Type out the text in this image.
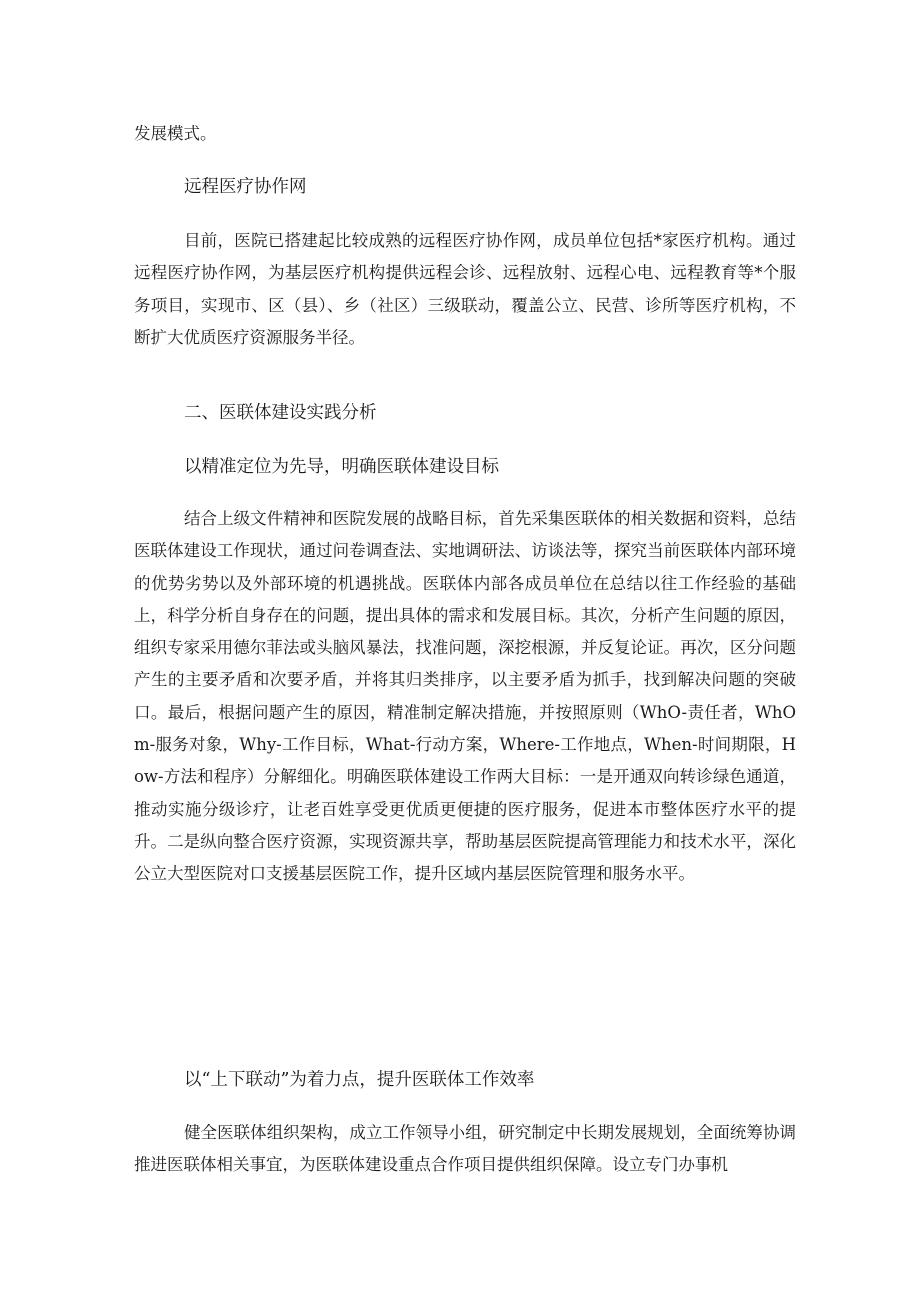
发展模式。

远程医疗协作网

目前，医院已搭建起比较成熟的远程医疗协作网，成员单位包括*家医疗机构。通过远程医疗协作网，为基层医疗机构提供远程会诊、远程放射、远程心电、远程教育等*个服务项目，实现市、区（县）、乡（社区）三级联动，覆盖公立、民营、诊所等医疗机构，不断扩大优质医疗资源服务半径。

二、医联体建设实践分析

以精准定位为先导，明确医联体建设目标

结合上级文件精神和医院发展的战略目标，首先采集医联体的相关数据和资料，总结医联体建设工作现状，通过问卷调查法、实地调研法、访谈法等，探究当前医联体内部环境的优势劣势以及外部环境的机遇挑战。医联体内部各成员单位在总结以往工作经验的基础上，科学分析自身存在的问题，提出具体的需求和发展目标。其次，分析产生问题的原因，组织专家采用德尔菲法或头脑风暴法，找准问题，深挖根源，并反复论证。再次，区分问题产生的主要矛盾和次要矛盾，并将其归类排序，以主要矛盾为抓手，找到解决问题的突破口。最后，根据问题产生的原因，精准制定解决措施，并按照原则（WhO-责任者，WhOm-服务对象，Why-工作目标，What-行动方案，Where-工作地点，When-时间期限，How-方法和程序）分解细化。明确医联体建设工作两大目标：一是开通双向转诊绿色通道，推动实施分级诊疗，让老百姓享受更优质更便捷的医疗服务，促进本市整体医疗水平的提升。二是纵向整合医疗资源，实现资源共享，帮助基层医院提高管理能力和技术水平，深化公立大型医院对口支援基层医院工作，提升区域内基层医院管理和服务水平。

以“上下联动”为着力点，提升医联体工作效率

健全医联体组织架构，成立工作领导小组，研究制定中长期发展规划，全面统筹协调推进医联体相关事宜，为医联体建设重点合作项目提供组织保障。设立专门办事机
